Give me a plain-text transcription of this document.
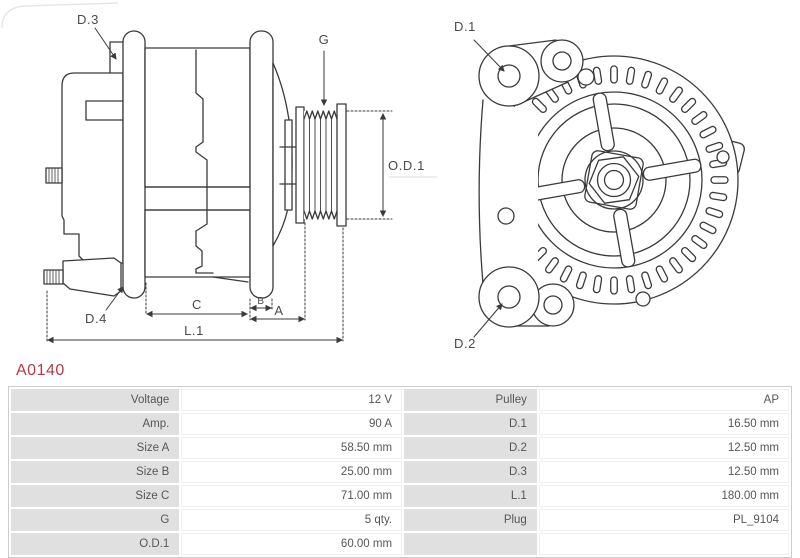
D.3
G
O.D.1
D.4
C	B
A
L.1
D.1
D.2
A0140
Voltage	12 V	Pulley	AP
Amp.	90 A	D.1	16.50 mm
Size A	58.50 mm	D.2	12.50 mm
Size B	25.00 mm	D.3	12.50 mm
Size C	71.00 mm	L.1	180.00 mm
G	5 qty.	Plug	PL_9104
O.D.1	60.00 mm		
